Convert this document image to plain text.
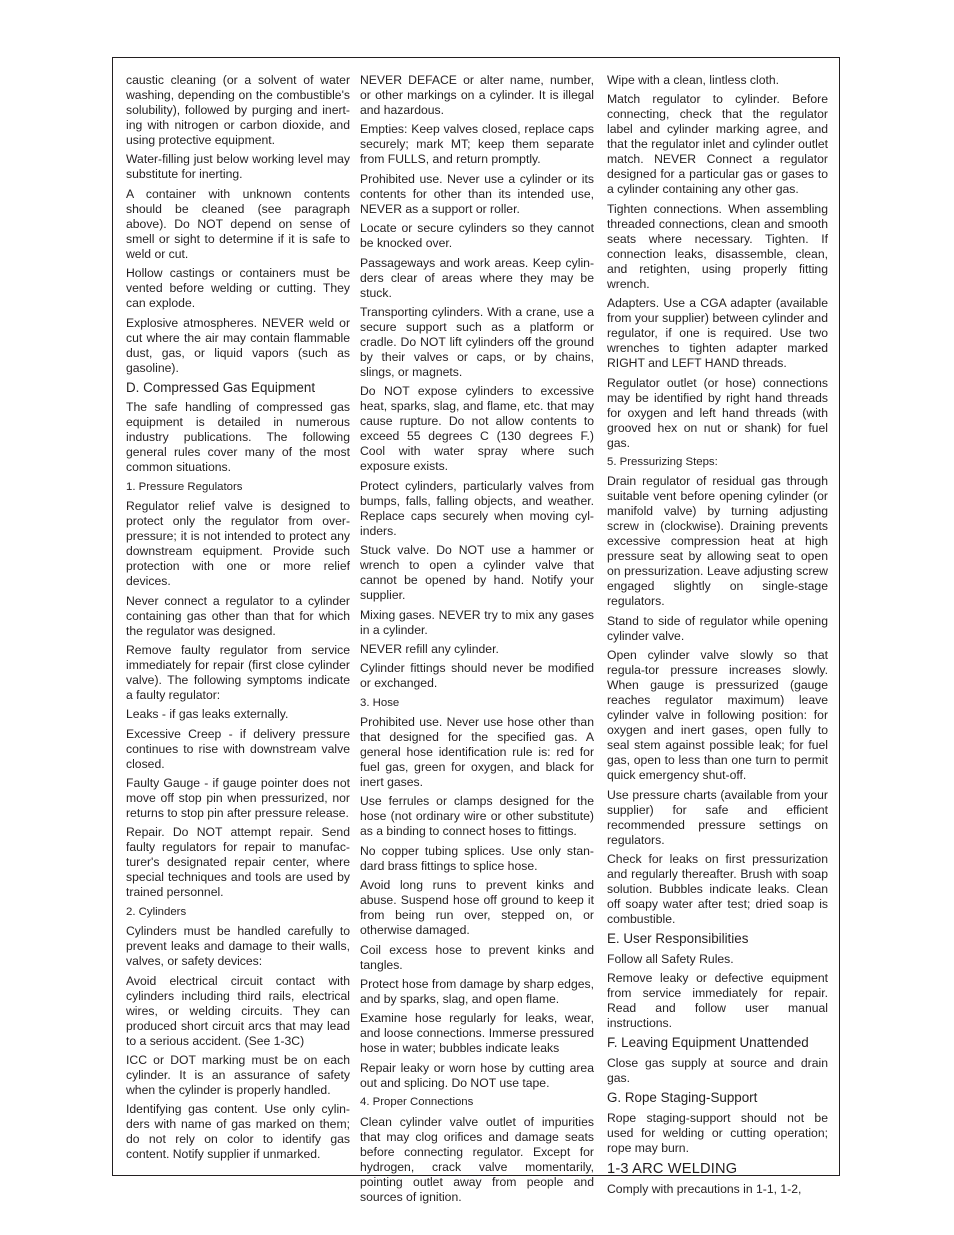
caustic cleaning (or a solvent of water washing, depending on the combustible's solubility), followed by purging and inert-ing with nitrogen or carbon dioxide, and using protective equipment.

Water-filling just below working level may substitute for inerting.

A container with unknown contents should be cleaned (see paragraph above). Do NOT depend on sense of smell or sight to determine if it is safe to weld or cut.

Hollow castings or containers must be vented before welding or cutting. They can explode.

Explosive atmospheres. NEVER weld or cut where the air may contain flammable dust, gas, or liquid vapors (such as gasoline).

D. Compressed Gas Equipment

The safe handling of compressed gas equipment is detailed in numerous industry publications. The following general rules cover many of the most common situations.

1. Pressure Regulators

Regulator relief valve is designed to protect only the regulator from over-pressure; it is not intended to protect any downstream equipment. Provide such protection with one or more relief devices.

Never connect a regulator to a cylinder containing gas other than that for which the regulator was designed.

Remove faulty regulator from service immediately for repair (first close cylinder valve). The following symptoms indicate a faulty regulator:

Leaks - if gas leaks externally.

Excessive Creep - if delivery pressure continues to rise with downstream valve closed.

Faulty Gauge - if gauge pointer does not move off stop pin when pressurized, nor returns to stop pin after pressure release.

Repair. Do NOT attempt repair. Send faulty regulators for repair to manufac-turer's designated repair center, where special techniques and tools are used by trained personnel.

2. Cylinders

Cylinders must be handled carefully to prevent leaks and damage to their walls, valves, or safety devices:

Avoid electrical circuit contact with cylinders including third rails, electrical wires, or welding circuits. They can produced short circuit arcs that may lead to a serious accident. (See 1-3C)

ICC or DOT marking must be on each cylinder. It is an assurance of safety when the cylinder is properly handled.

Identifying gas content. Use only cylin-ders with name of gas marked on them; do not rely on color to identify gas content. Notify supplier if unmarked.

NEVER DEFACE or alter name, number, or other markings on a cylinder. It is illegal and hazardous.

Empties: Keep valves closed, replace caps securely; mark MT; keep them separate from FULLS, and return promptly.

Prohibited use. Never use a cylinder or its contents for other than its intended use, NEVER as a support or roller.

Locate or secure cylinders so they cannot be knocked over.

Passageways and work areas. Keep cylin-ders clear of areas where they may be stuck.

Transporting cylinders. With a crane, use a secure support such as a platform or cradle. Do NOT lift cylinders off the ground by their valves or caps, or by chains, slings, or magnets.

Do NOT expose cylinders to excessive heat, sparks, slag, and flame, etc. that may cause rupture. Do not allow contents to exceed 55 degrees C (130 degrees F.) Cool with water spray where such exposure exists.

Protect cylinders, particularly valves from bumps, falls, falling objects, and weather. Replace caps securely when moving cyl-inders.

Stuck valve. Do NOT use a hammer or wrench to open a cylinder valve that cannot be opened by hand. Notify your supplier.

Mixing gases. NEVER try to mix any gases in a cylinder.

NEVER refill any cylinder.

Cylinder fittings should never be modified or exchanged.

3. Hose

Prohibited use. Never use hose other than that designed for the specified gas. A general hose identification rule is: red for fuel gas, green for oxygen, and black for inert gases.

Use ferrules or clamps designed for the hose (not ordinary wire or other substitute) as a binding to connect hoses to fittings.

No copper tubing splices. Use only stan-dard brass fittings to splice hose.

Avoid long runs to prevent kinks and abuse. Suspend hose off ground to keep it from being run over, stepped on, or otherwise damaged.

Coil excess hose to prevent kinks and tangles.

Protect hose from damage by sharp edges, and by sparks, slag, and open flame.

Examine hose regularly for leaks, wear, and loose connections. Immerse pressured hose in water; bubbles indicate leaks

Repair leaky or worn hose by cutting area out and splicing. Do NOT use tape.

4. Proper Connections

Clean cylinder valve outlet of impurities that may clog orifices and damage seats before connecting regulator. Except for hydrogen, crack valve momentarily, pointing outlet away from people and sources of ignition.

Wipe with a clean, lintless cloth.

Match regulator to cylinder. Before connecting, check that the regulator label and cylinder marking agree, and that the regulator inlet and cylinder outlet match. NEVER Connect a regulator designed for a particular gas or gases to a cylinder containing any other gas.

Tighten connections. When assembling threaded connections, clean and smooth seats where necessary. Tighten. If connection leaks, disassemble, clean, and retighten, using properly fitting wrench.

Adapters. Use a CGA adapter (available from your supplier) between cylinder and regulator, if one is required. Use two wrenches to tighten adapter marked RIGHT and LEFT HAND threads.

Regulator outlet (or hose) connections may be identified by right hand threads for oxygen and left hand threads (with grooved hex on nut or shank) for fuel gas.

5. Pressurizing Steps:

Drain regulator of residual gas through suitable vent before opening cylinder (or manifold valve) by turning adjusting screw in (clockwise). Draining prevents excessive compression heat at high pressure seat by allowing seat to open on pressurization. Leave adjusting screw engaged slightly on single-stage regulators.

Stand to side of regulator while opening cylinder valve.

Open cylinder valve slowly so that regula-tor pressure increases slowly. When gauge is pressurized (gauge reaches regulator maximum) leave cylinder valve in following position: for oxygen and inert gases, open fully to seal stem against possible leak; for fuel gas, open to less than one turn to permit quick emergency shut-off.

Use pressure charts (available from your supplier) for safe and efficient recommended pressure settings on regulators.

Check for leaks on first pressurization and regularly thereafter. Brush with soap solution. Bubbles indicate leaks. Clean off soapy water after test; dried soap is combustible.

E. User Responsibilities

Follow all Safety Rules.

Remove leaky or defective equipment from service immediately for repair. Read and follow user manual instructions.

F. Leaving Equipment Unattended

Close gas supply at source and drain gas.

G. Rope Staging-Support

Rope staging-support should not be used for welding or cutting operation; rope may burn.

1-3 ARC WELDING

Comply with precautions in 1-1, 1-2,
